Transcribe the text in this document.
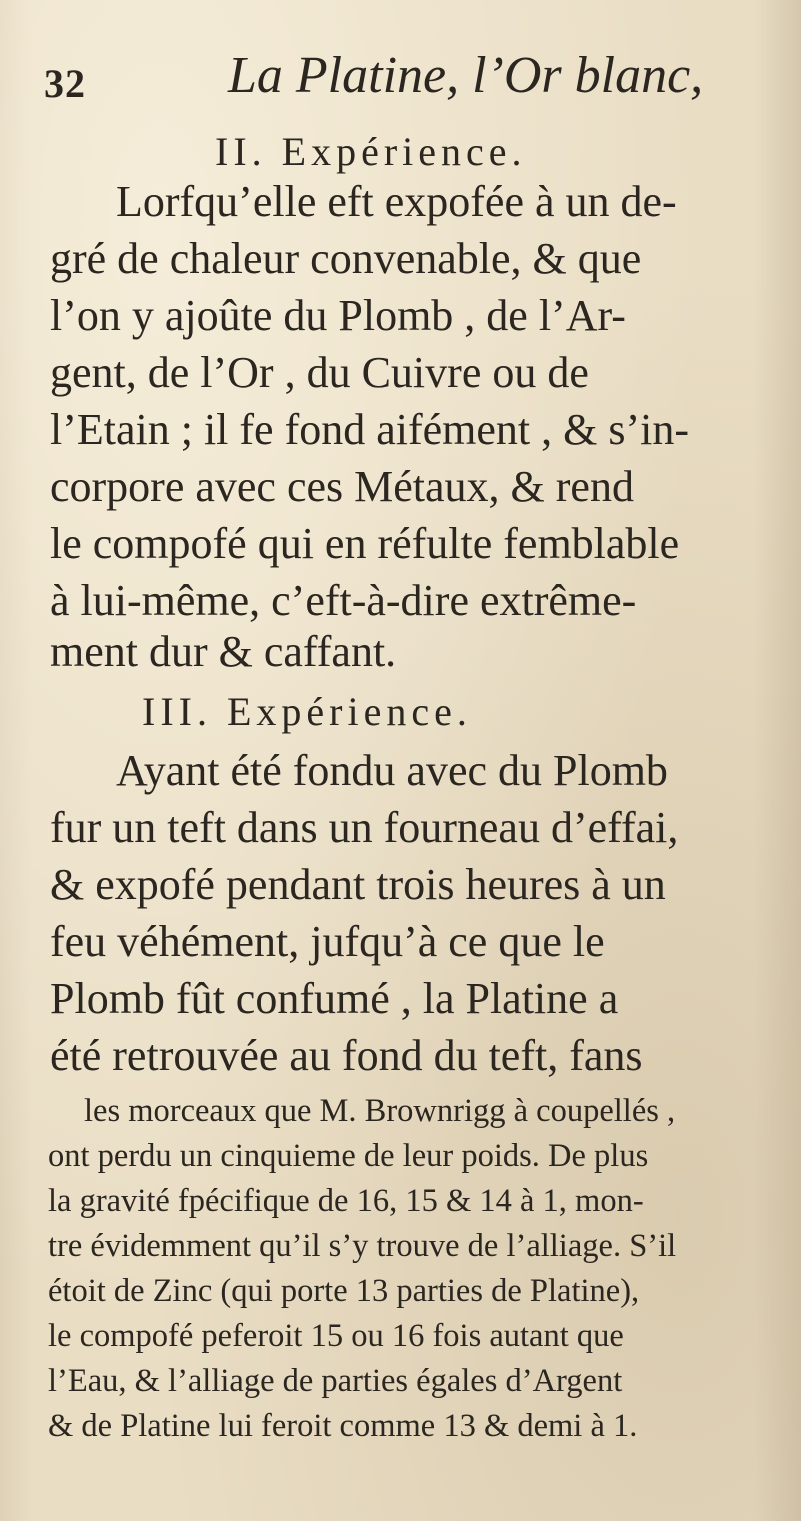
32	La Platine, l’Or blanc,
II. Expérience.
Lorfqu’elle eft expofée à un de-
gré de chaleur convenable, & que
l’on y ajoûte du Plomb , de l’Ar-
gent, de l’Or , du Cuivre ou de
l’Etain ; il fe fond aifément , & s’in-
corpore avec ces Métaux, & rend
le compofé qui en réfulte femblable
à lui-même, c’eft-à-dire extrême-
ment dur & caffant.
III. Expérience.
Ayant été fondu avec du Plomb
fur un teft dans un fourneau d’effai,
& expofé pendant trois heures à un
feu véhément, jufqu’à ce que le
Plomb fût confumé , la Platine a
été retrouvée au fond du teft, fans
les morceaux que M. Brownrigg à coupellés ,
ont perdu un cinquieme de leur poids. De plus
la gravité fpécifique de 16, 15 & 14 à 1, mon-
tre évidemment qu’il s’y trouve de l’alliage. S’il
étoit de Zinc (qui porte 13 parties de Platine),
le compofé peferoit 15 ou 16 fois autant que
l’Eau, & l’alliage de parties égales d’Argent
& de Platine lui feroit comme 13 & demi à 1.
